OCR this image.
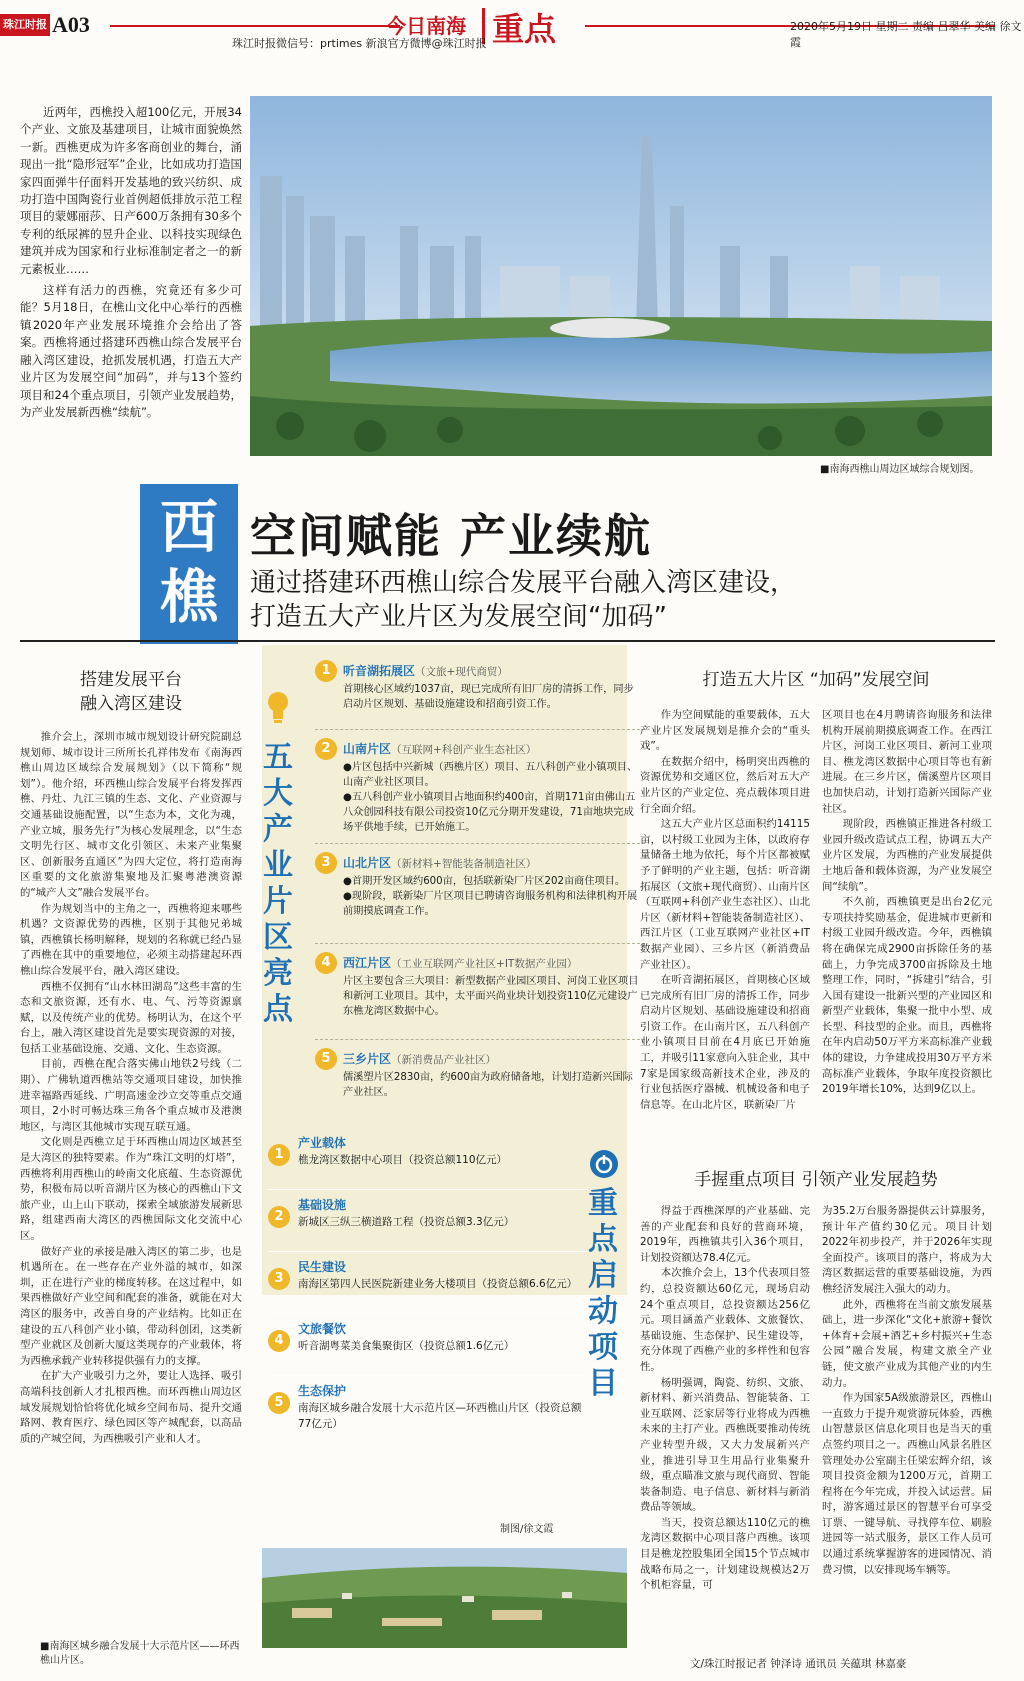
珠江时报 A03	今日南海 重点
珠江时报微信号：prtimes 新浪官方微博@珠江时报
2020年5月19日 星期二 责编 吕翠华 美编 徐文霞

近两年，西樵投入超100亿元，开展34个产业、文旅及基建项目，让城市面貌焕然一新。西樵更成为许多客商创业的舞台，涌现出一批“隐形冠军”企业，比如成功打造国家四面弹牛仔面料开发基地的致兴纺织、成功打造中国陶瓷行业首例超低排放示范工程项目的蒙娜丽莎、日产600万条拥有30多个专利的纸尿裤的昱升企业、以科技实现绿色建筑并成为国家和行业标准制定者之一的新元素板业……

这样有活力的西樵，究竟还有多少可能？5月18日，在樵山文化中心举行的西樵镇2020年产业发展环境推介会给出了答案。西樵将通过搭建环西樵山综合发展平台融入湾区建设，抢抓发展机遇，打造五大产业片区为发展空间“加码”，并与13个签约项目和24个重点项目，引领产业发展趋势，为产业发展新西樵“续航”。

■南海西樵山周边区域综合规划图。
西
樵
空间赋能 产业续航
通过搭建环西樵山综合发展平台融入湾区建设，
打造五大产业片区为发展空间“加码”
搭建发展平台
融入湾区建设

推介会上，深圳市城市规划设计研究院副总规划师、城市设计三所所长孔祥伟发布《南海西樵山周边区域综合发展规划》（以下简称“规划”）。他介绍，环西樵山综合发展平台将发挥西樵、丹灶、九江三镇的生态、文化、产业资源与交通基础设施配置，以“生态为本，文化为魂，产业立城，服务先行”为核心发展理念，以“生态文明先行区、城市文化引领区、未来产业集聚区、创新服务直通区”为四大定位，将打造南海区重要的文化旅游集聚地及汇聚粤港澳资源的“城产人文”融合发展平台。

作为规划当中的主角之一，西樵将迎来哪些机遇？文资源优势的西樵，区别于其他兄弟城镇，西樵镇长杨明解释，规划的名称就已经凸显了西樵在其中的重要地位，必须主动搭建起环西樵山综合发展平台，融入湾区建设。

西樵不仅拥有“山水林田湖岛”这些丰富的生态和文旅资源，还有水、电、气、污等资源禀赋，以及传统产业的优势。杨明认为，在这个平台上，融入湾区建设首先是要实现资源的对接，包括工业基础设施、交通、文化、生态资源。

目前，西樵在配合落实佛山地铁2号线（二期）、广佛轨道西樵站等交通项目建设，加快推进幸福路西延线、广明高速金沙立交等重点交通项目，2小时可畅达珠三角各个重点城市及港澳地区，与湾区其他城市实现互联互通。

文化则是西樵立足于环西樵山周边区域甚至是大湾区的独特要素。作为“珠江文明的灯塔”，西樵将利用西樵山的岭南文化底蕴、生态资源优势，积极布局以听音湖片区为核心的西樵山下文旅产业，山上山下联动，探索全域旅游发展新思路，组建西南大湾区的西樵国际文化交流中心区。

做好产业的承接是融入湾区的第二步，也是机遇所在。在一些存在产业外溢的城市，如深圳，正在进行产业的梯度转移。在这过程中，如果西樵做好产业空间和配套的准备，就能在对大湾区的服务中，改善自身的产业结构。比如正在建设的五八科创产业小镇，带动科创团，这类新型产业就区及创新大厦这类现存的产业载体，将为西樵承载产业转移提供强有力的支撑。

在扩大产业吸引力之外，要让人选择、吸引高端科技创新人才扎根西樵。而环西樵山周边区域发展规划恰恰将优化城乡空间布局、提升交通路网、教育医疗、绿色园区等产城配套，以高品质的产城空间，为西樵吸引产业和人才。

五大产业片区亮点
1	听音湖拓展区（文旅+现代商贸）
首期核心区域约1037亩，现已完成所有旧厂房的清拆工作，同步启动片区规划、基础设施建设和招商引资工作。
2	山南片区（互联网+科创产业生态社区）
●片区包括中兴新城（西樵片区）项目、五八科创产业小镇项目、山南产业社区项目。
●五八科创产业小镇项目占地面积约400亩，首期171亩由佛山五八众创园科技有限公司投资10亿元分期开发建设，71亩地块完成场平供地手续，已开始施工。
3	山北片区（新材料+智能装备制造社区）
●首期开发区域约600亩，包括联新染厂片区202亩商住项目。
●现阶段，联新染厂片区项目已聘请咨询服务机构和法律机构开展前期摸底调查工作。
4	西江片区（工业互联网产业社区+IT数据产业园）
片区主要包含三大项目：新型数据产业园区项目、河岗工业区项目和新河工业项目。其中，太平面兴尚业块计划投资110亿元建设广东樵龙湾区数据中心。
5	三乡片区（新消费品产业社区）
儒溪塑片区2830亩，约600亩为政府储备地，计划打造新兴国际产业社区。
重点启动项目
1
产业载体
樵龙湾区数据中心项目（投资总额110亿元）
2
基础设施
新城区三纵三横道路工程（投资总额3.3亿元）
3
民生建设
南海区第四人民医院新建业务大楼项目（投资总额6.6亿元）
4
文旅餐饮
听音湖粤菜美食集聚街区（投资总额1.6亿元）
5
生态保护
南海区城乡融合发展十大示范片区—环西樵山片区（投资总额77亿元）
制图/徐文霞
打造五大片区 “加码”发展空间

作为空间赋能的重要载体，五大产业片区发展规划是推介会的“重头戏”。

在数据介绍中，杨明突出西樵的资源优势和交通区位，然后对五大产业片区的产业定位、亮点载体项目进行全面介绍。

这五大产业片区总面积约14115亩，以村级工业园为主体，以政府存量储备土地为依托，每个片区都被赋予了鲜明的产业主题，包括：听音湖拓展区（文旅+现代商贸）、山南片区（互联网+科创产业生态社区）、山北片区（新材料+智能装备制造社区）、西江片区（工业互联网产业社区+IT数据产业园）、三乡片区（新消费品产业社区）。

在听音湖拓展区，首期核心区域已完成所有旧厂房的清拆工作，同步启动片区规划、基础设施建设和招商引资工作。在山南片区，五八科创产业小镇项目目前在4月底已开始施工，并吸引11家意向入驻企业，其中7家是国家级高新技术企业，涉及的行业包括医疗器械、机械设备和电子信息等。在山北片区，联新染厂片

区项目也在4月聘请咨询服务和法律机构开展前期摸底调查工作。在西江片区，河岗工业区项目、新河工业项目、樵龙湾区数据中心项目等也有新进展。在三乡片区，儒溪塑片区项目也加快启动，计划打造新兴国际产业社区。

现阶段，西樵镇正推进各村级工业园升级改造试点工程，协调五大产业片区发展，为西樵的产业发展提供土地后备和载体资源，为产业发展空间“续航”。

不久前，西樵镇更是出台2亿元专项扶持奖励基金，促进城市更新和村级工业园升级改造。今年，西樵镇将在确保完成2900亩拆除任务的基础上，力争完成3700亩拆除及土地整理工作，同时，“拆建引”结合，引入国有建设一批新兴型的产业园区和新型产业载体，集聚一批中小型、成长型、科技型的企业。而且，西樵将在年内启动50万平方米高标准产业载体的建设，力争建成投用30万平方米高标准产业载体，争取年度投资额比2019年增长10%，达到9亿以上。

手握重点项目 引领产业发展趋势

得益于西樵深厚的产业基础、完善的产业配套和良好的营商环境，2019年，西樵镇共引入36个项目，计划投资额达78.4亿元。

本次推介会上，13个代表项目签约，总投资额达60亿元，现场启动24个重点项目，总投资额达256亿元。项目涵盖产业载体、文旅餐饮、基础设施、生态保护、民生建设等，充分体现了西樵产业的多样性和包容性。

杨明强调，陶瓷、纺织、文旅、新材料、新兴消费品、智能装备、工业互联网、泛家居等行业将成为西樵未来的主打产业。西樵既要推动传统产业转型升级，又大力发展新兴产业，推进引导卫生用品行业集聚升级，重点瞄准文旅与现代商贸、智能装备制造、电子信息、新材料与新消费品等领域。

当天，投资总额达110亿元的樵龙湾区数据中心项目落户西樵。该项目是樵龙控股集团全国15个节点城市战略布局之一，计划建设规模达2万个机柜容量，可

为35.2万台服务器提供云计算服务，预计年产值约30亿元。项目计划2022年初步投产，并于2026年实现全面投产。该项目的落户，将成为大湾区数据运营的重要基础设施，为西樵经济发展注入强大的动力。

此外，西樵将在当前文旅发展基础上，进一步深化“文化+旅游+餐饮+体育+会展+酒艺+乡村振兴+生态公园”融合发展，构建文旅全产业链，使文旅产业成为其他产业的内生动力。

作为国家5A级旅游景区，西樵山一直致力于提升观赏游玩体验，西樵山智慧景区信息化项目也是当天的重点签约项目之一。西樵山风景名胜区管理处办公室副主任梁宏辉介绍，该项目投资金额为1200万元，首期工程将在今年完成，并投入试运营。届时，游客通过景区的智慧平台可享受订票、一键导航、寻找停车位、刷脸进园等一站式服务，景区工作人员可以通过系统掌握游客的进园情况、消费习惯，以安排现场车辆等。

■南海区城乡融合发展十大示范片区——环西樵山片区。	文/珠江时报记者 钟泽诗 通讯员 关蕴琪 林嘉豪
